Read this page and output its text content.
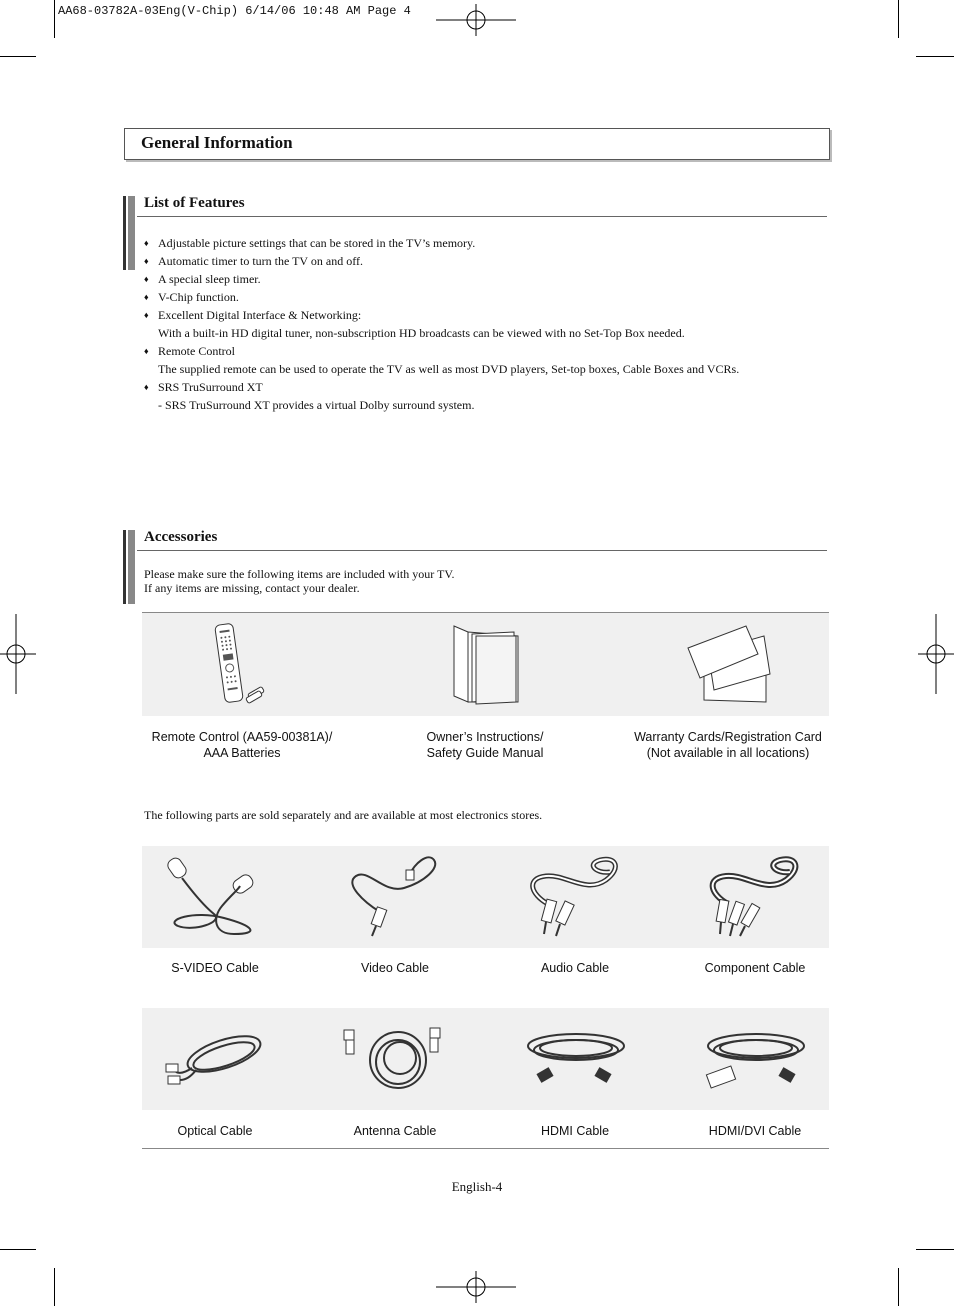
AA68-03782A-03Eng(V-Chip) 6/14/06 10:48 AM Page 4
General Information
List of Features
♦ Adjustable picture settings that can be stored in the TV’s memory.
♦ Automatic timer to turn the TV on and off.
♦ A special sleep timer.
♦ V-Chip function.
♦ Excellent Digital Interface & Networking:
With a built-in HD digital tuner, non-subscription HD broadcasts can be viewed with no Set-Top Box needed.
♦ Remote Control
The supplied remote can be used to operate the TV as well as most DVD players, Set-top boxes, Cable Boxes and VCRs.
♦ SRS TruSurround XT
- SRS TruSurround XT provides a virtual Dolby surround system.
Accessories
Please make sure the following items are included with your TV.
If any items are missing, contact your dealer.
Remote Control (AA59-00381A)/
AAA Batteries
Owner’s Instructions/
Safety Guide Manual
Warranty Cards/Registration Card
(Not available in all locations)
The following parts are sold separately and are available at most electronics stores.
S-VIDEO Cable	Video Cable	Audio Cable	Component Cable
Optical Cable	Antenna Cable	HDMI Cable	HDMI/DVI Cable
English-4
